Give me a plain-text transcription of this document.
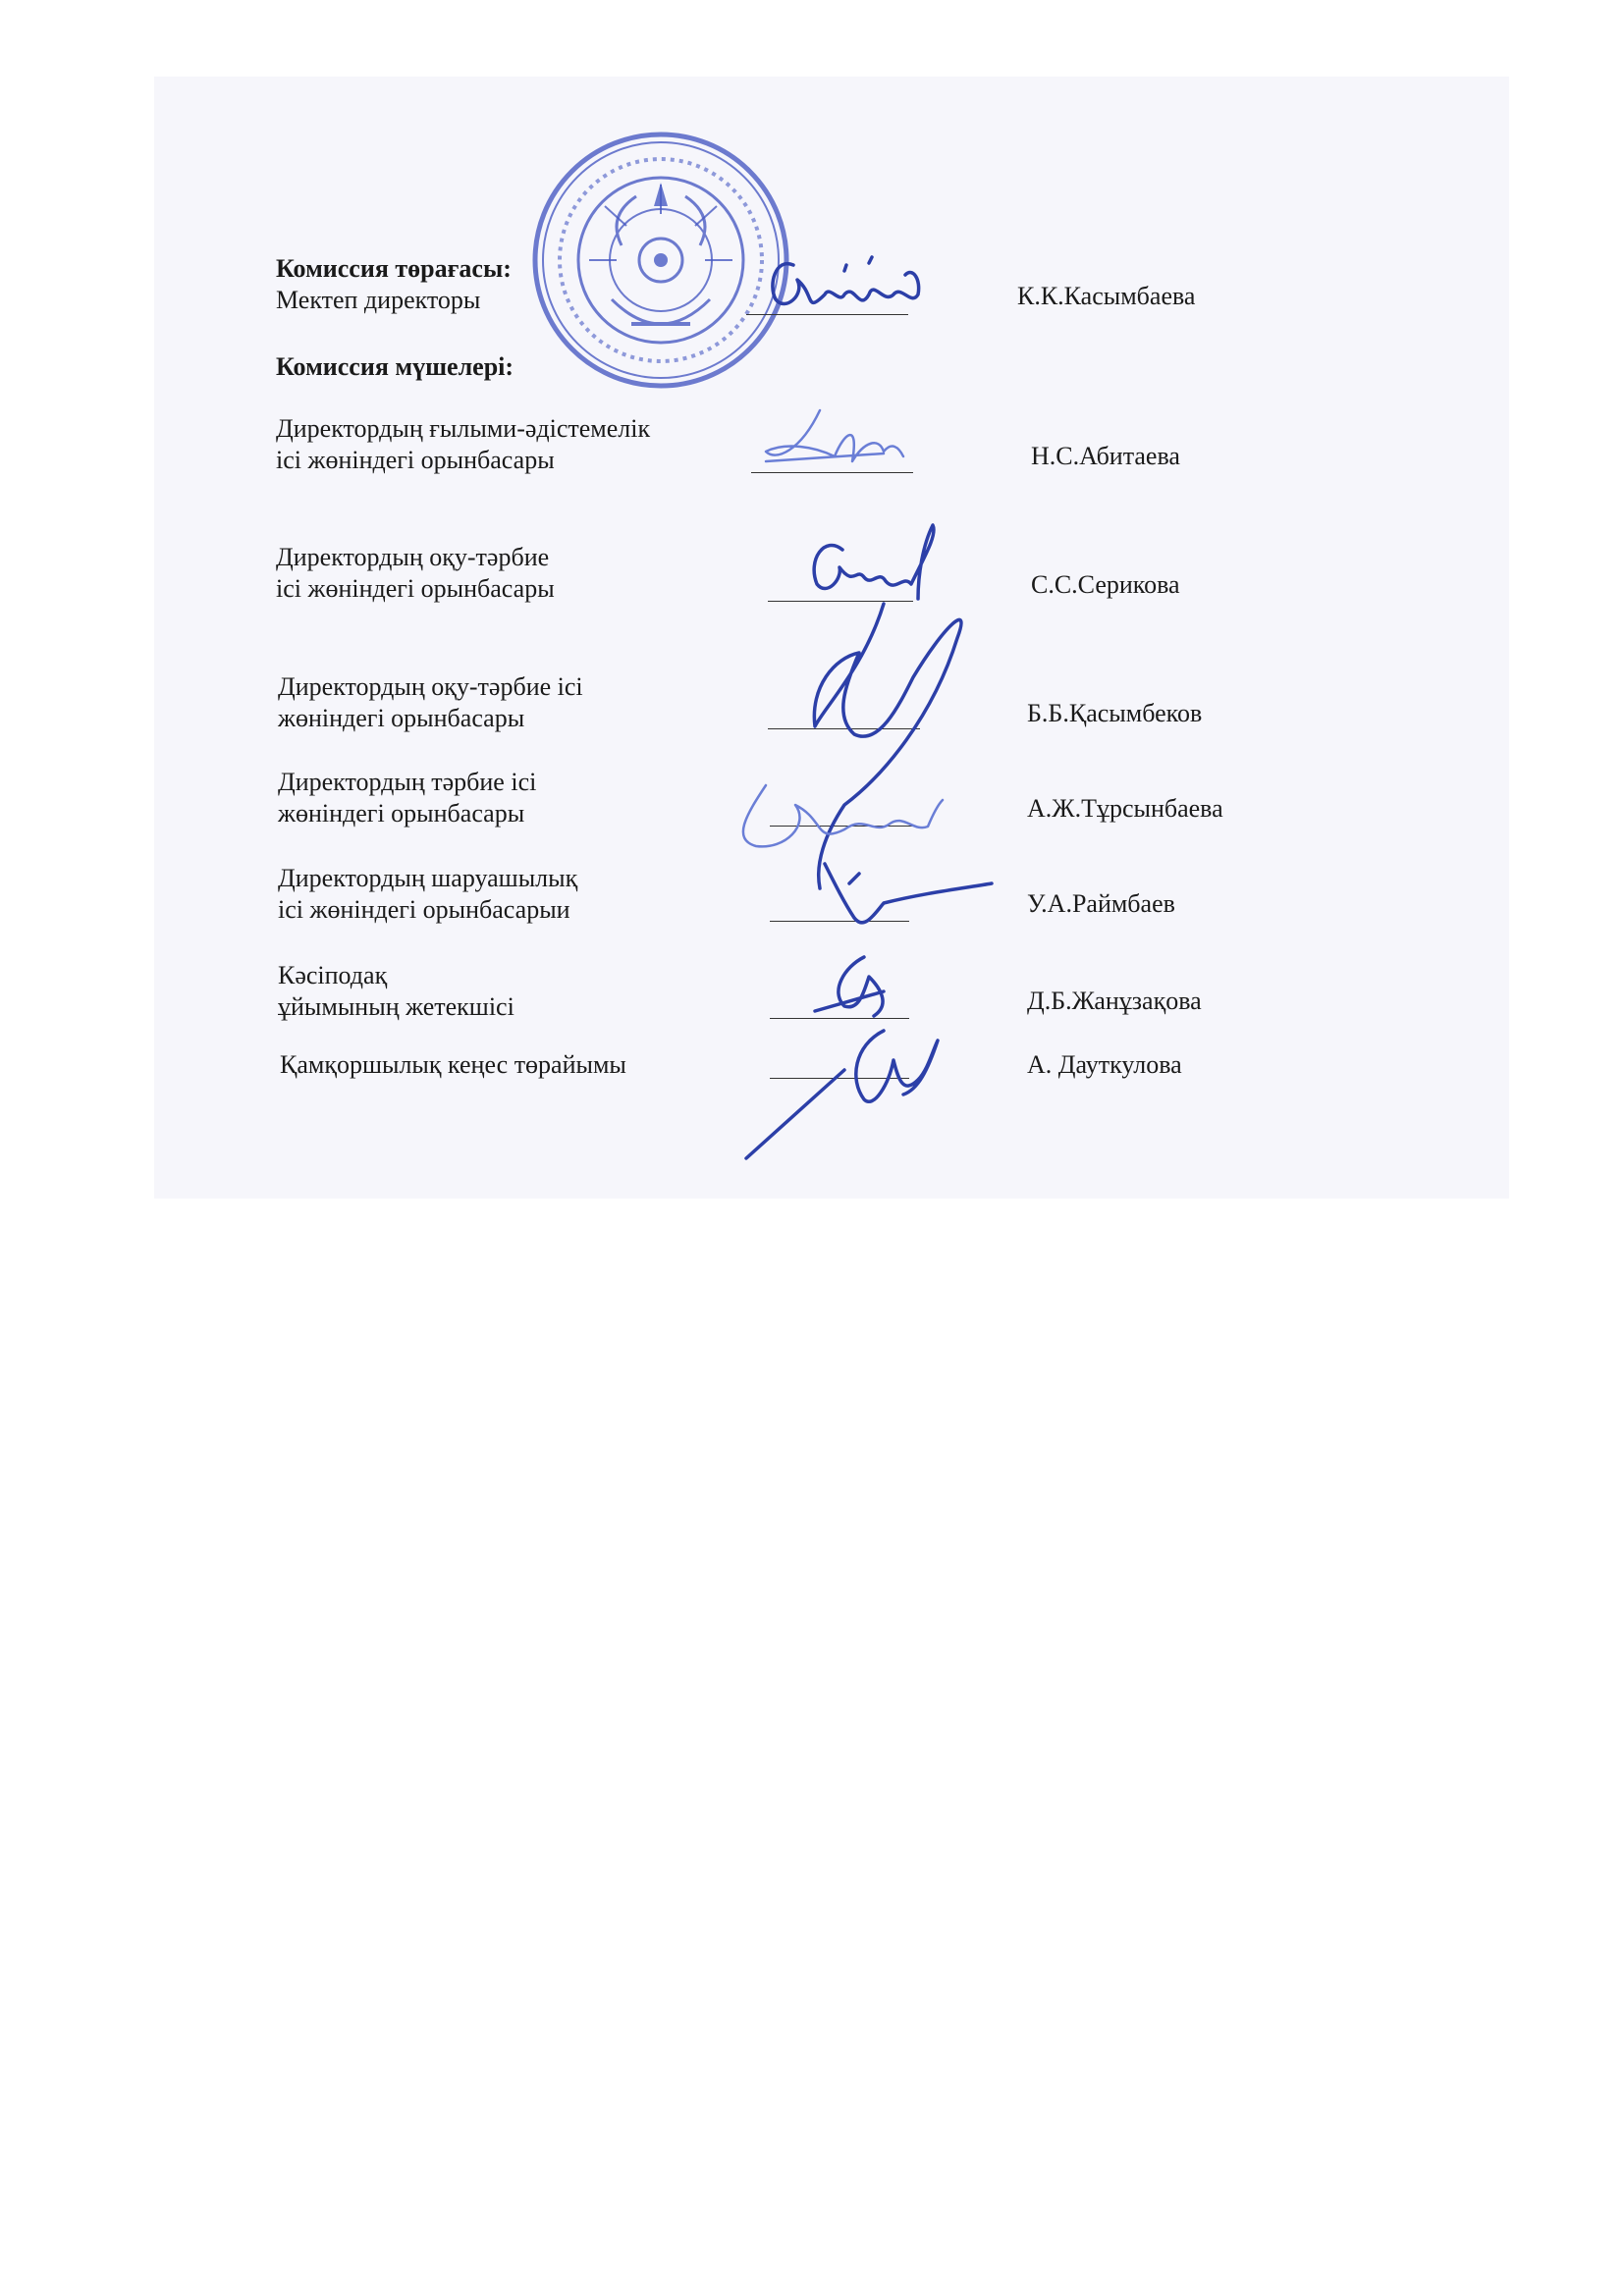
Комиссия төрағасы:
Мектеп директоры	К.К.Касымбаева
Комиссия мүшелері:
Директордың ғылыми-әдістемелік
ісі жөніндегі орынбасары	Н.С.Абитаева
Директордың оқу-тәрбие
ісі жөніндегі орынбасары	С.С.Серикова
Директордың оқу-тәрбие ісі
жөніндегі орынбасары	Б.Б.Қасымбеков
Директордың тәрбие ісі
жөніндегі орынбасары	А.Ж.Тұрсынбаева
Директордың шаруашылық
ісі жөніндегі орынбасарыи	У.А.Раймбаев
Кәсіподақ
ұйымының жетекшісі	Д.Б.Жанұзақова
Қамқоршылық кеңес төрайымы	А. Дауткулова
